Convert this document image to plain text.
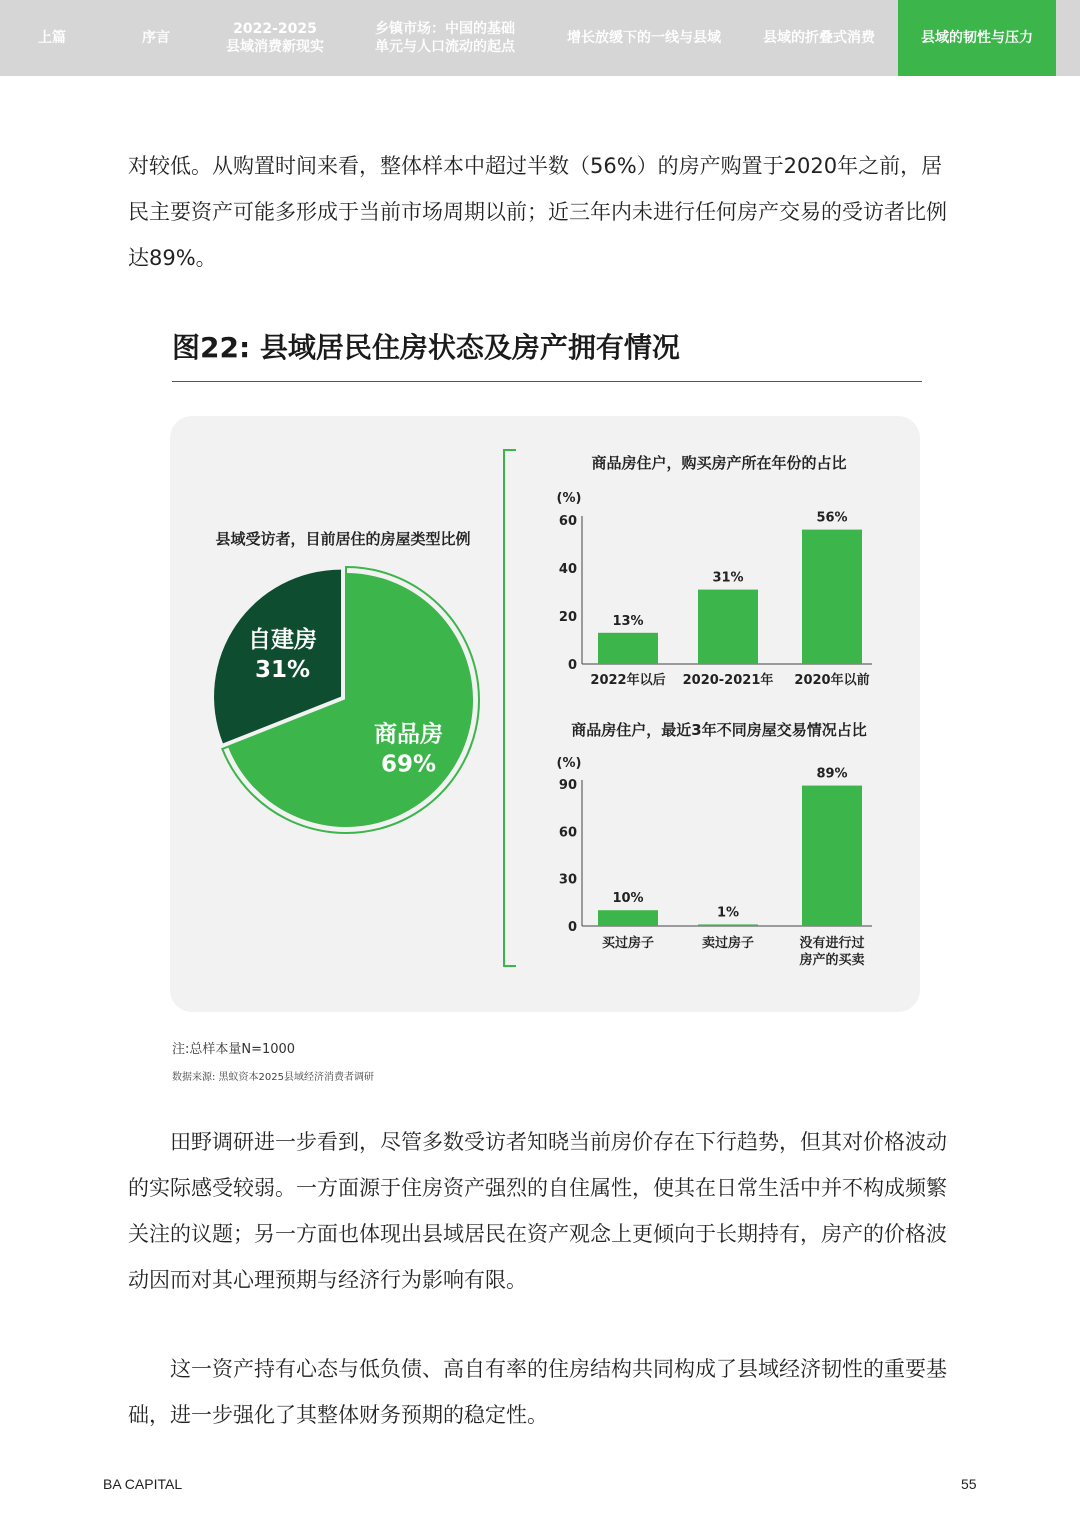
上篇	序言
2022-2025
县域消费新现实
乡镇市场：中国的基础
单元与人口流动的起点
增长放缓下的一线与县域	县域的折叠式消费	县域的韧性与压力

对较低。从购置时间来看，整体样本中超过半数（56%）的房产购置于2020年之前，居民主要资产可能多形成于当前市场周期以前；近三年内未进行任何房产交易的受访者比例达89%。

图22: 县域居民住房状态及房产拥有情况
县域受访者，目前居住的房屋类型比例
商品房
69%
自建房
31%
商品房住户，购买房产所在年份的占比
(%)
0
20
40
60
13%
2022年以后
31%
2020-2021年
56%
2020年以前
商品房住户，最近3年不同房屋交易情况占比
(%)
0
30
60
90
10%
买过房子
1%
卖过房子
89%
没有进行过
房产的买卖
注:总样本量N=1000
数据来源: 黑蚁资本2025县域经济消费者调研

田野调研进一步看到，尽管多数受访者知晓当前房价存在下行趋势，但其对价格波动的实际感受较弱。一方面源于住房资产强烈的自住属性，使其在日常生活中并不构成频繁关注的议题；另一方面也体现出县域居民在资产观念上更倾向于长期持有，房产的价格波动因而对其心理预期与经济行为影响有限。

这一资产持有心态与低负债、高自有率的住房结构共同构成了县域经济韧性的重要基础，进一步强化了其整体财务预期的稳定性。

BA CAPITAL	55
